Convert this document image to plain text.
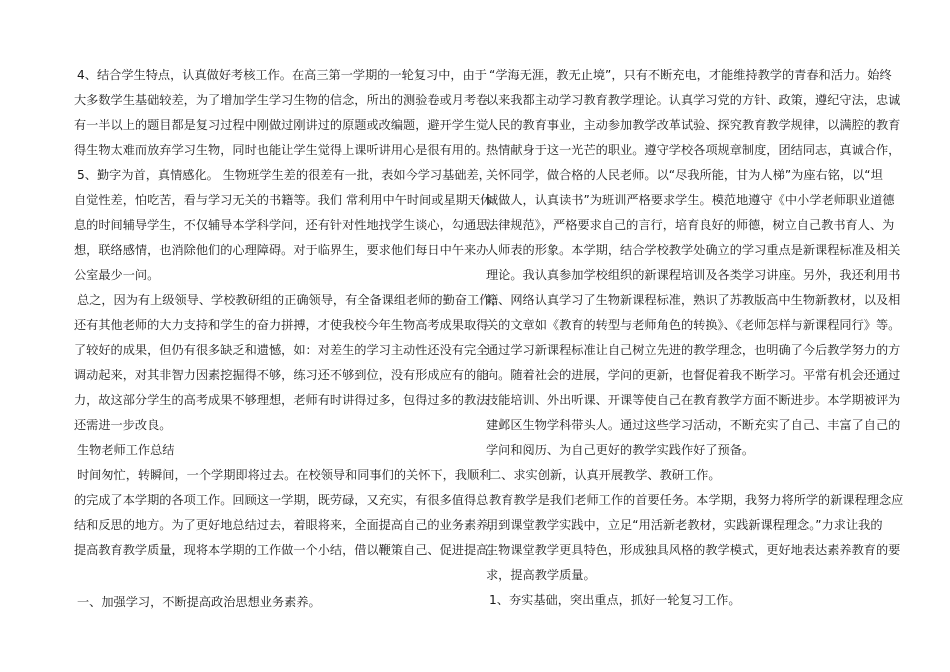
4、结合学生特点，认真做好考核工作。在高三第一学期的一轮复习中，由于
大多数学生基础较差，为了增加学生学习生物的信念，所出的测验卷或月考卷
有一半以上的题目都是复习过程中刚做过刚讲过的原题或改编题，避开学生觉
得生物太难而放弃学习生物，同时也能让学生觉得上课听讲用心是很有用的。
5、勤字为首，真情感化。 生物班学生差的很差有一批，表如今学习基础差，
自觉性差，怕吃苦，看与学习无关的书籍等。我们 常利用中午时间或星期天休
息的时间辅导学生，不仅辅导本学科学问，还有针对性地找学生谈心，勾通思
想，联络感情，也消除他们的心理障碍。对于临界生，要求他们每日中午来办
公室最少一问。
总之，因为有上级领导、学校教研组的正确领导，有全备课组老师的勤奋工作，
还有其他老师的大力支持和学生的奋力拼搏，才使我校今年生物高考成果取得
了较好的成果，但仍有很多缺乏和遗憾，如：对差生的学习主动性还没有完全
调动起来，对其非智力因素挖掘得不够，练习还不够到位，没有形成应有的能
力，故这部分学生的高考成果不够理想，老师有时讲得过多，包得过多的教法
还需进一步改良。
生物老师工作总结
时间匆忙，转瞬间，一个学期即将过去。在校领导和同事们的关怀下，我顺利
的完成了本学期的各项工作。回顾这一学期，既劳碌，又充实，有很多值得总
结和反思的地方。为了更好地总结过去，着眼将来，全面提高自己的业务素养，
提高教育教学质量，现将本学期的工作做一个小结，借以鞭策自己、促进提高。
一、加强学习，不断提高政治思想业务素养。
“学海无涯，教无止境”，只有不断充电，才能维持教学的青春和活力。始终
以来我都主动学习教育教学理论。认真学习党的方针、政策，遵纪守法，忠诚
人民的教育事业，主动参加教学改革试验、探究教育教学规律，以满腔的教育
热情献身于这一光芒的职业。遵守学校各项规章制度，团结同志，真诚合作，
关怀同学，做合格的人民老师。以“尽我所能，甘为人梯”为座右铭，以“坦
诚做人，认真读书”为班训严格要求学生。模范地遵守《中小学老师职业道德
法律规范》，严格要求自己的言行，培育良好的师德，树立自己教书育人、为
人师表的形象。本学期，结合学校教学处确立的学习重点是新课程标准及相关
理论。我认真参加学校组织的新课程培训及各类学习讲座。另外，我还利用书
籍、网络认真学习了生物新课程标准，熟识了苏教版高中生物新教材，以及相
关的文章如《教育的转型与老师角色的转换》、《老师怎样与新课程同行》等。
通过学习新课程标准让自己树立先进的教学理念，也明确了今后教学努力的方
向。随着社会的进展，学问的更新，也督促着我不断学习。平常有机会还通过
技能培训、外出听课、开课等使自己在教育教学方面不断进步。本学期被评为
建邺区生物学科带头人。通过这些学习活动，不断充实了自己、丰富了自己的
学问和阅历、为自己更好的教学实践作好了预备。
二、求实创新，认真开展教学、教研工作。
教育教学是我们老师工作的首要任务。本学期，我努力将所学的新课程理念应
用到课堂教学实践中，立足“用活新老教材，实践新课程理念。”力求让我的
生物课堂教学更具特色，形成独具风格的教学模式，更好地表达素养教育的要
求，提高教学质量。
1、夯实基础，突出重点，抓好一轮复习工作。
